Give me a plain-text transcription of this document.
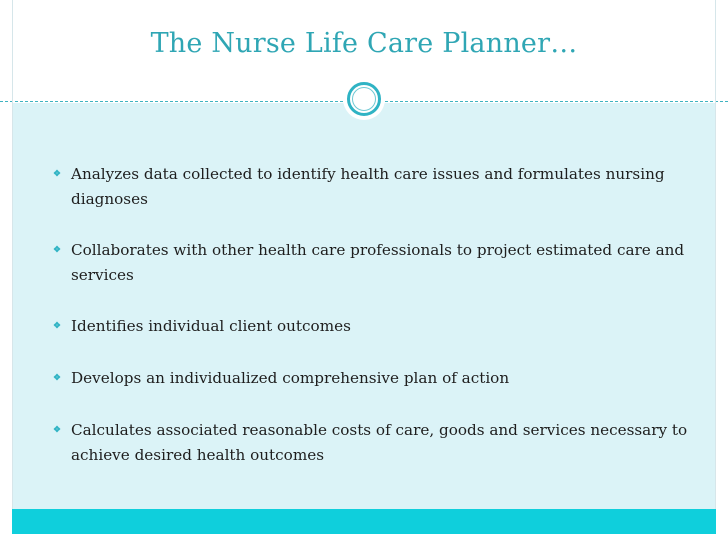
The Nurse Life Care Planner…
Analyzes data collected to identify health care issues and formulates nursing diagnoses
Collaborates with other health care professionals to project estimated care and services
Identifies individual client outcomes
Develops an individualized comprehensive plan of action
Calculates associated reasonable costs of care, goods and services necessary to achieve desired health outcomes
